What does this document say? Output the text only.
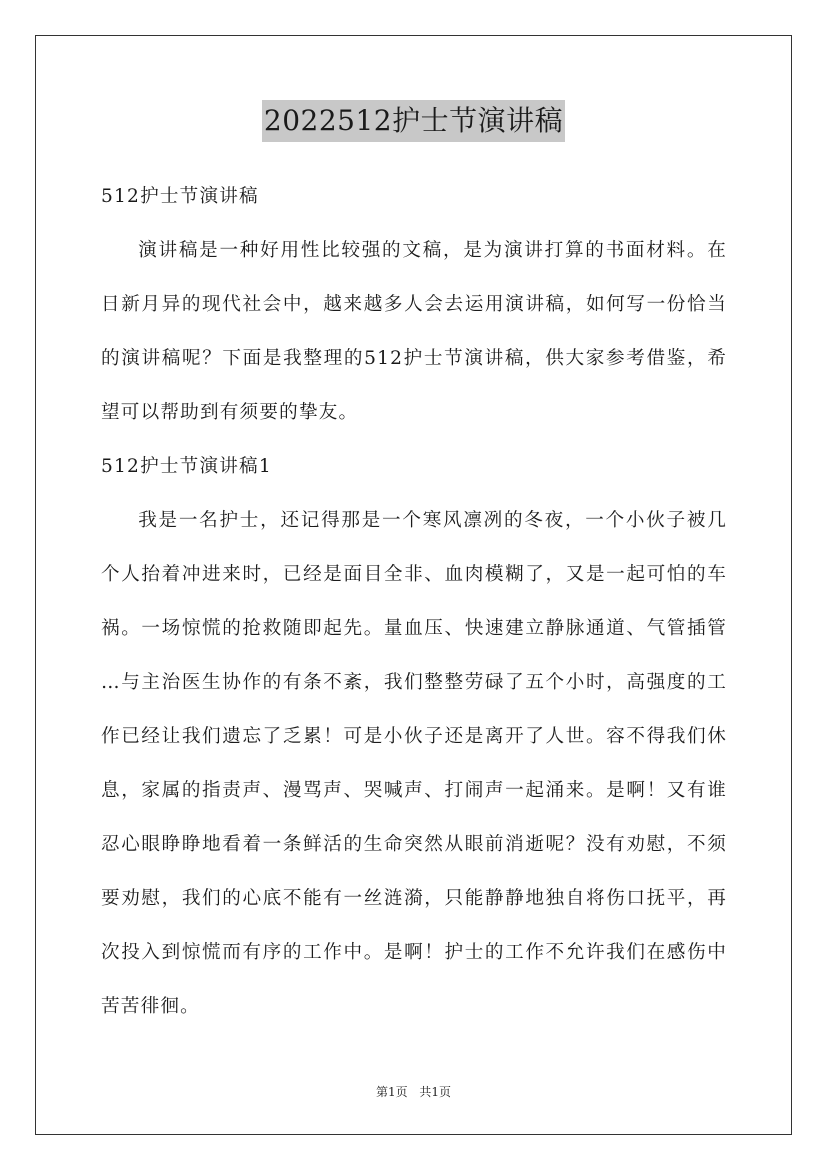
2022512护士节演讲稿

512护士节演讲稿

演讲稿是一种好用性比较强的文稿，是为演讲打算的书面材料。在日新月异的现代社会中，越来越多人会去运用演讲稿，如何写一份恰当的演讲稿呢？下面是我整理的512护士节演讲稿，供大家参考借鉴，希望可以帮助到有须要的挚友。

512护士节演讲稿1

我是一名护士，还记得那是一个寒风凛冽的冬夜，一个小伙子被几个人抬着冲进来时，已经是面目全非、血肉模糊了，又是一起可怕的车祸。一场惊慌的抢救随即起先。量血压、快速建立静脉通道、气管插管 …与主治医生协作的有条不紊，我们整整劳碌了五个小时，高强度的工作已经让我们遗忘了乏累！可是小伙子还是离开了人世。容不得我们休息，家属的指责声、漫骂声、哭喊声、打闹声一起涌来。是啊！又有谁忍心眼睁睁地看着一条鲜活的生命突然从眼前消逝呢？没有劝慰，不须要劝慰，我们的心底不能有一丝涟漪，只能静静地独自将伤口抚平，再次投入到惊慌而有序的工作中。是啊！护士的工作不允许我们在感伤中苦苦徘徊。

第1页 共1页
